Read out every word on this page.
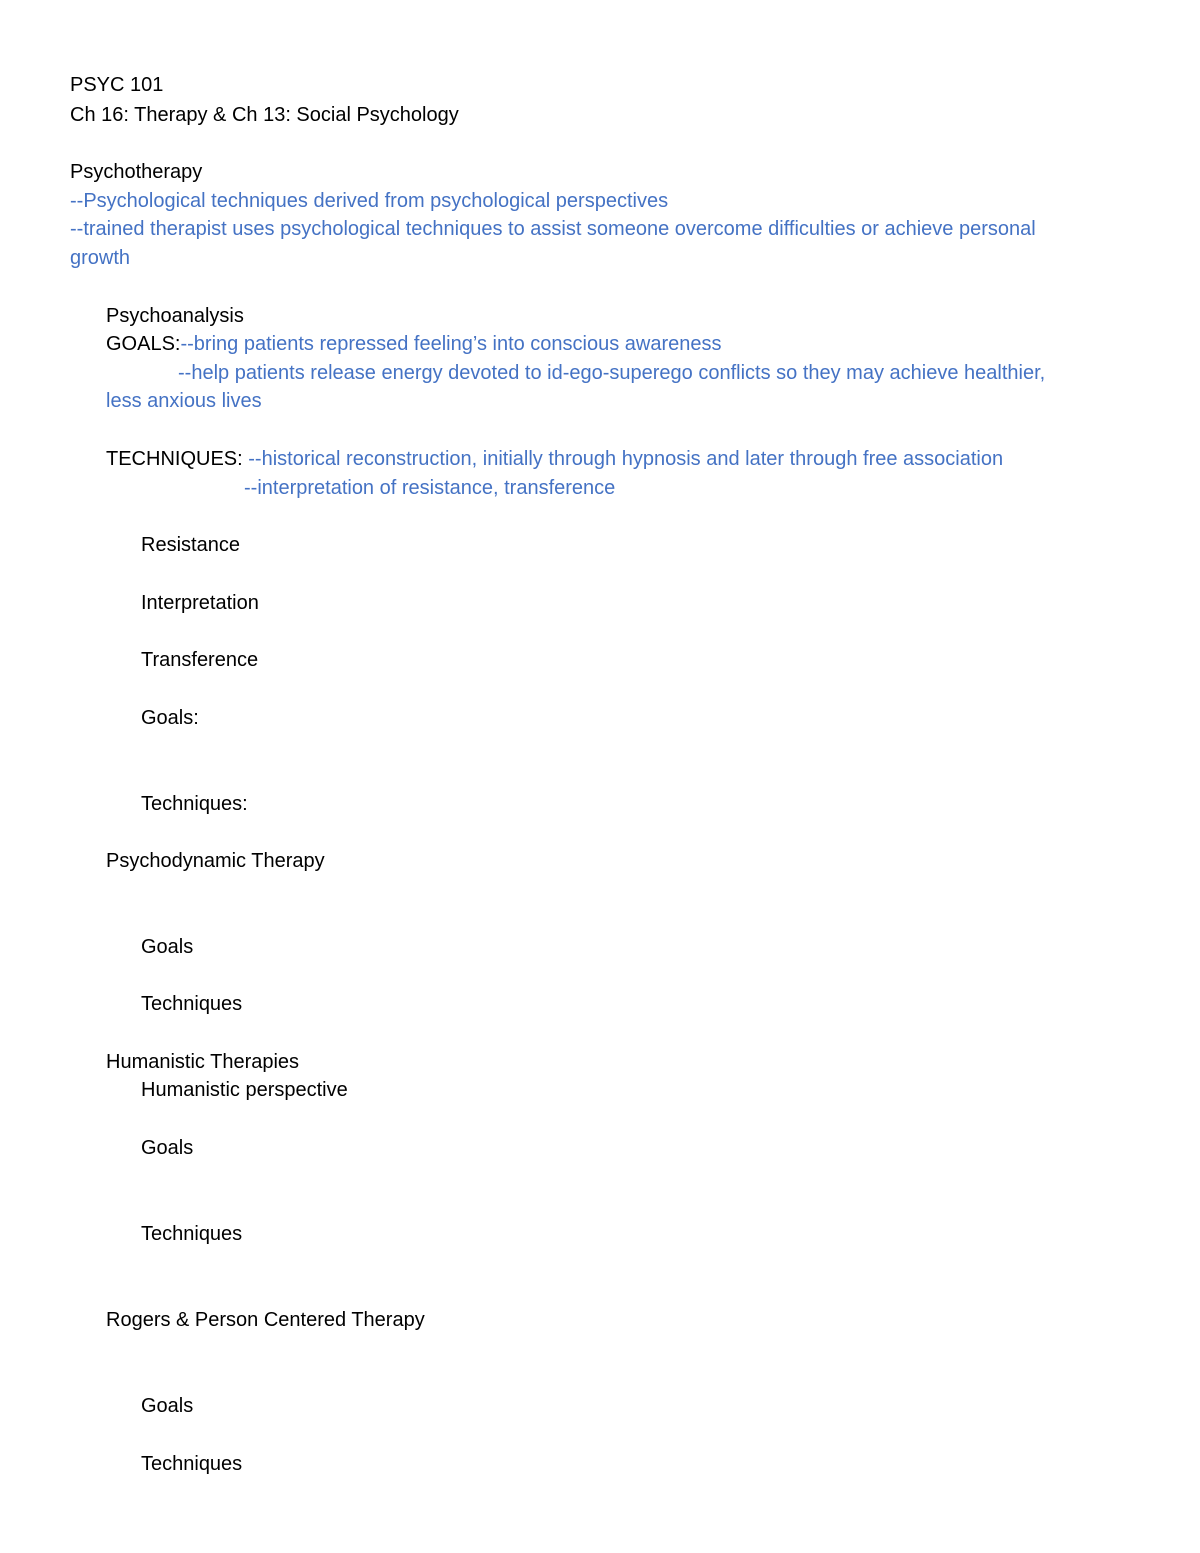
PSYC 101

Ch 16: Therapy & Ch 13: Social Psychology

Psychotherapy

--Psychological techniques derived from psychological perspectives

--trained therapist uses psychological techniques to assist someone overcome difficulties or achieve personal

growth

Psychoanalysis

GOALS:--bring patients repressed feeling’s into conscious awareness

--help patients release energy devoted to id-ego-superego conflicts so they may achieve healthier,

less anxious lives

TECHNIQUES: --historical reconstruction, initially through hypnosis and later through free association

--interpretation of resistance, transference

Resistance

Interpretation

Transference

Goals:

Techniques:

Psychodynamic Therapy

Goals

Techniques

Humanistic Therapies

Humanistic perspective

Goals

Techniques

Rogers & Person Centered Therapy

Goals

Techniques
